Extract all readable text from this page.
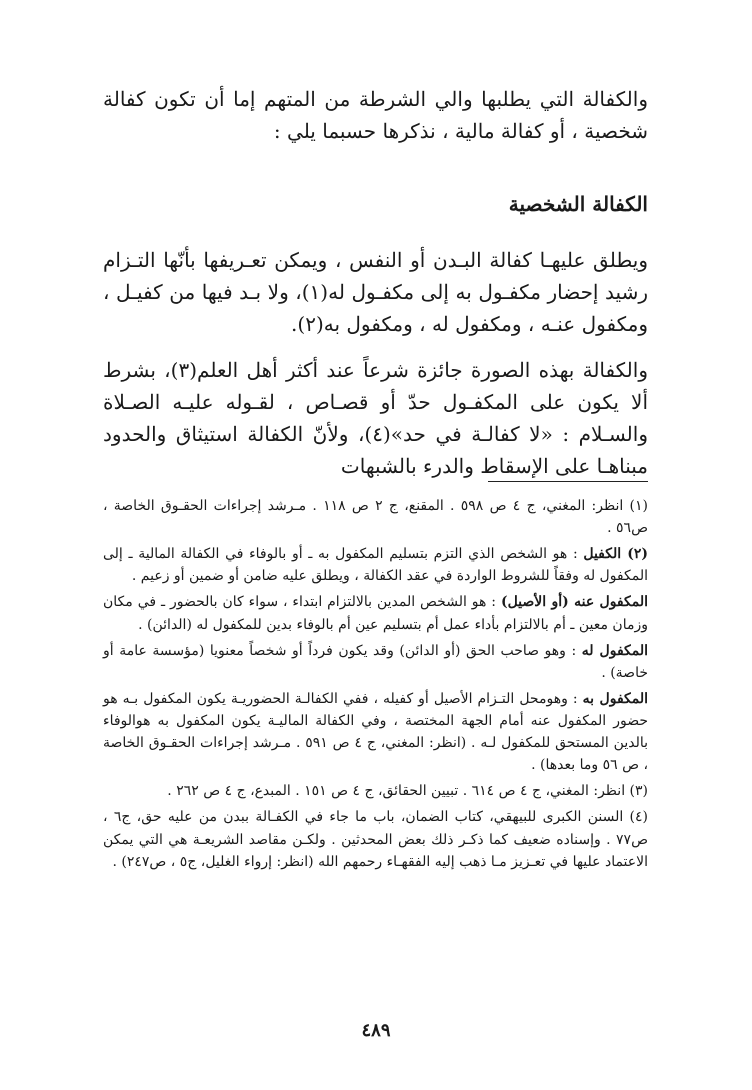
والكفالة التي يطلبها والي الشرطة من المتهم إما أن تكون كفالة شخصية ، أو كفالة مالية ، نذكرها حسبما يلي :

الكفالة الشخصية

ويطلق عليهـا كفالة البـدن أو النفس ، ويمكن تعـريفها بأنّها التـزام رشيد إحضار مكفـول به إلى مكفـول له(١)، ولا بـد فيها من كفيـل ، ومكفول عنـه ، ومكفول له ، ومكفول به(٢).

والكفالة بهذه الصورة جائزة شرعاً عند أكثر أهل العلم(٣)، بشرط ألا يكون على المكفـول حدّ أو قصـاص ، لقـوله عليـه الصـلاة والسـلام : «لا كفالـة في حد»(٤)، ولأنّ الكفالة استيثاق والحدود مبناهـا على الإسقاط والدرء بالشبهات

(١) انظر: المغني، ج ٤ ص ٥٩٨ . المقنع، ج ٢ ص ١١٨ . مـرشد إجراءات الحقـوق الخاصة ، ص٥٦ .

(٢) الكفيل : هو الشخص الذي التزم بتسليم المكفول به ـ أو بالوفاء في الكفالة المالية ـ إلى المكفول له وفقاً للشروط الواردة في عقد الكفالة ، ويطلق عليه ضامن أو ضمين أو زعيم .

المكفول عنه (أو الأصيل) : هو الشخص المدين بالالتزام ابتداء ، سواء كان بالحضور ـ في مكان وزمان معين ـ أم بالالتزام بأداء عمل أم بتسليم عين أم بالوفاء بدين للمكفول له (الدائن) .

المكفول له : وهو صاحب الحق (أو الدائن) وقد يكون فرداً أو شخصاً معنويا (مؤسسة عامة أو خاصة) .

المكفول به : وهومحل التـزام الأصيل أو كفيله ، ففي الكفالـة الحضوريـة يكون المكفول بـه هو حضور المكفول عنه أمام الجهة المختصة ، وفي الكفالة الماليـة يكون المكفول به هوالوفاء بالدين المستحق للمكفول لـه . (انظر: المغني، ج ٤ ص ٥٩١ . مـرشد إجراءات الحقـوق الخاصة ، ص ٥٦ وما بعدها) .

(٣) انظر: المغني، ج ٤ ص ٦١٤ . تبيين الحقائق، ج ٤ ص ١٥١ . المبدع، ج ٤ ص ٢٦٢ .

(٤) السنن الكبرى للبيهقي، كتاب الضمان، باب ما جاء في الكفـالة ببدن من عليه حق، ج٦ ، ص٧٧ . وإسناده ضعيف كما ذكـر ذلك بعض المحدثين . ولكـن مقاصد الشريعـة هي التي يمكن الاعتماد عليها في تعـزيز مـا ذهب إليه الفقهـاء رحمهم الله (انظر: إرواء الغليل، ج٥ ، ص٢٤٧) .

٤٨٩
